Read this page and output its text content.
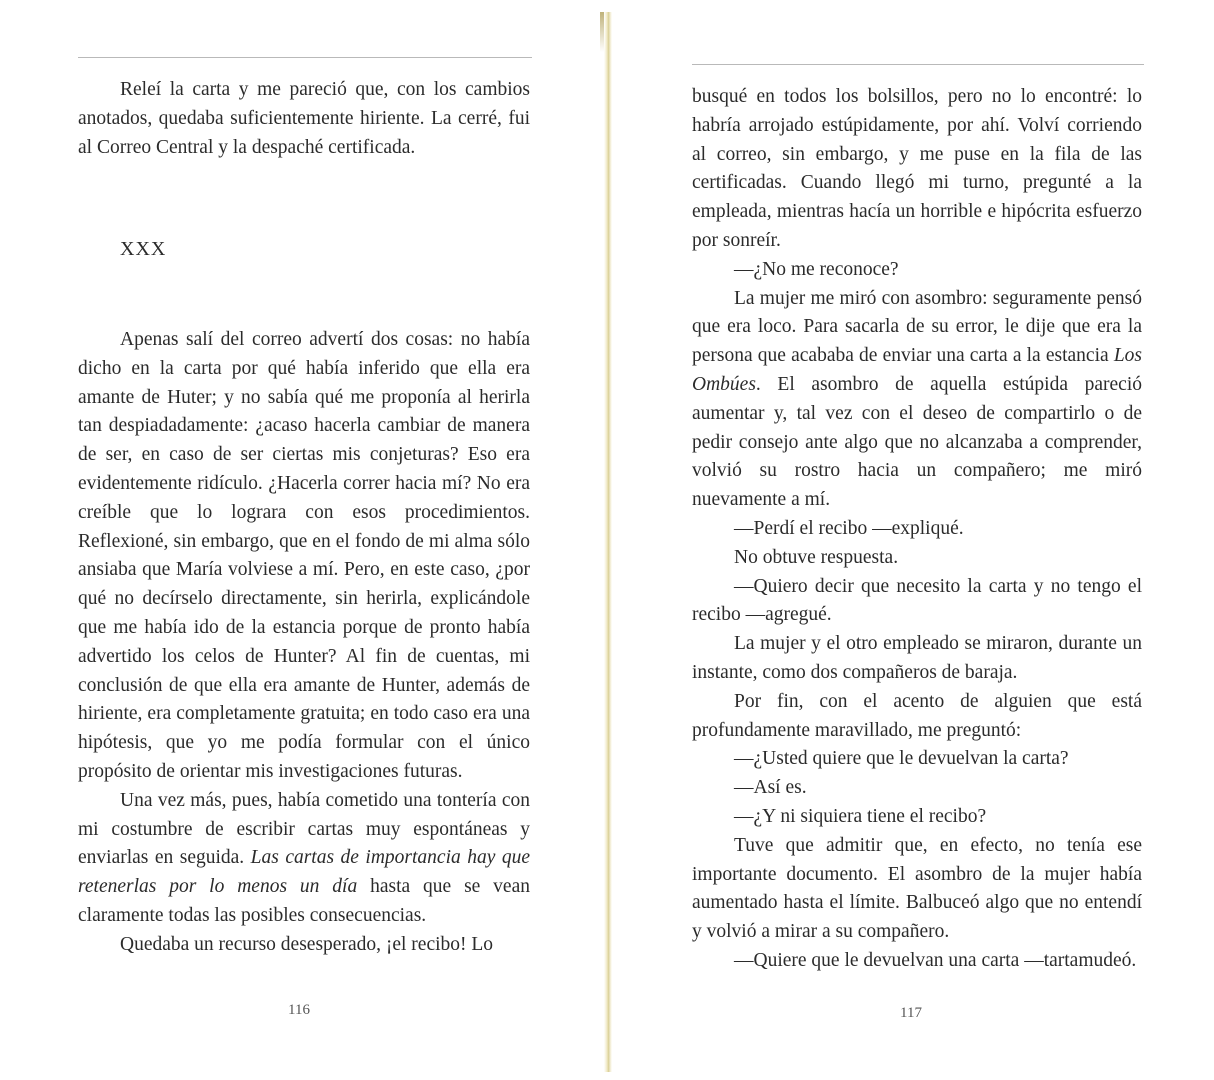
Releí la carta y me pareció que, con los cambios anotados, quedaba suficientemente hiriente. La cerré, fui al Correo Central y la despaché certificada.

XXX

Apenas salí del correo advertí dos cosas: no había dicho en la carta por qué había inferido que ella era amante de Huter; y no sabía qué me proponía al herirla tan despiadadamente: ¿acaso hacerla cambiar de manera de ser, en caso de ser ciertas mis conjeturas? Eso era evidentemente ridículo. ¿Hacerla correr hacia mí? No era creíble que lo lograra con esos procedimientos. Reflexioné, sin embargo, que en el fondo de mi alma sólo ansiaba que María volviese a mí. Pero, en este caso, ¿por qué no decírselo directamente, sin herirla, explicándole que me había ido de la estancia porque de pronto había advertido los celos de Hunter? Al fin de cuentas, mi conclusión de que ella era amante de Hunter, además de hiriente, era completamente gratuita; en todo caso era una hipótesis, que yo me podía formular con el único propósito de orientar mis investigaciones futuras.

Una vez más, pues, había cometido una tontería con mi costumbre de escribir cartas muy espontáneas y enviarlas en seguida. Las cartas de importancia hay que retenerlas por lo menos un día hasta que se vean claramente todas las posibles consecuencias.

Quedaba un recurso desesperado, ¡el recibo! Lo

116

busqué en todos los bolsillos, pero no lo encontré: lo habría arrojado estúpidamente, por ahí. Volví corriendo al correo, sin embargo, y me puse en la fila de las certificadas. Cuando llegó mi turno, pregunté a la empleada, mientras hacía un horrible e hipócrita esfuerzo por sonreír.

—¿No me reconoce?

La mujer me miró con asombro: seguramente pensó que era loco. Para sacarla de su error, le dije que era la persona que acababa de enviar una carta a la estancia Los Ombúes. El asombro de aquella estúpida pareció aumentar y, tal vez con el deseo de compartirlo o de pedir consejo ante algo que no alcanzaba a comprender, volvió su rostro hacia un compañero; me miró nuevamente a mí.

—Perdí el recibo —expliqué.

No obtuve respuesta.

—Quiero decir que necesito la carta y no tengo el recibo —agregué.

La mujer y el otro empleado se miraron, durante un instante, como dos compañeros de baraja.

Por fin, con el acento de alguien que está profundamente maravillado, me preguntó:

—¿Usted quiere que le devuelvan la carta?

—Así es.

—¿Y ni siquiera tiene el recibo?

Tuve que admitir que, en efecto, no tenía ese importante documento. El asombro de la mujer había aumentado hasta el límite. Balbuceó algo que no entendí y volvió a mirar a su compañero.

—Quiere que le devuelvan una carta —tartamudeó.

117
